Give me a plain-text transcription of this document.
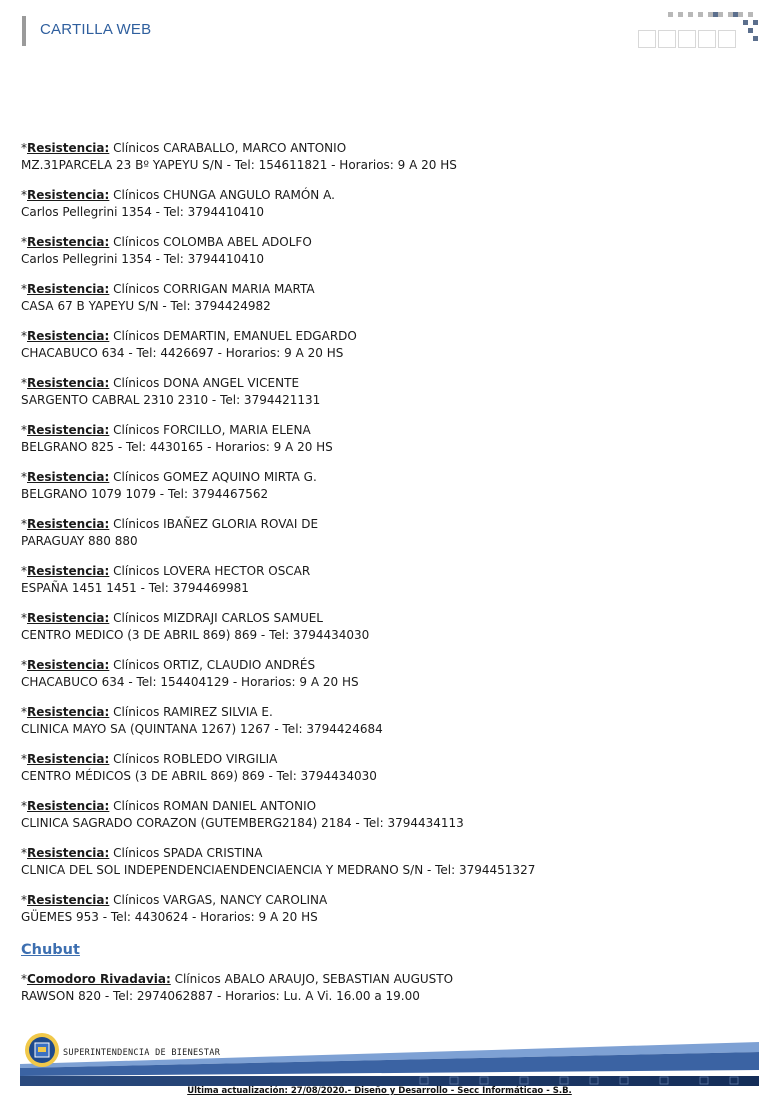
CARTILLA WEB
*Resistencia: Clínicos CARABALLO, MARCO ANTONIO
MZ.31PARCELA 23 Bº YAPEYU S/N - Tel: 154611821 - Horarios: 9 A 20 HS
*Resistencia: Clínicos CHUNGA ANGULO RAMÓN A.
Carlos Pellegrini 1354 - Tel: 3794410410
*Resistencia: Clínicos COLOMBA ABEL ADOLFO
Carlos Pellegrini 1354 - Tel: 3794410410
*Resistencia: Clínicos CORRIGAN MARIA MARTA
CASA 67 B YAPEYU S/N - Tel: 3794424982
*Resistencia: Clínicos DEMARTIN, EMANUEL EDGARDO
CHACABUCO 634 - Tel: 4426697 - Horarios: 9 A 20 HS
*Resistencia: Clínicos DONA ANGEL VICENTE
SARGENTO CABRAL 2310 2310 - Tel: 3794421131
*Resistencia: Clínicos FORCILLO, MARIA ELENA
BELGRANO 825 - Tel: 4430165 - Horarios: 9 A 20 HS
*Resistencia: Clínicos GOMEZ AQUINO MIRTA G.
BELGRANO 1079 1079 - Tel: 3794467562
*Resistencia: Clínicos IBAÑEZ GLORIA ROVAI DE
PARAGUAY 880 880
*Resistencia: Clínicos LOVERA HECTOR OSCAR
ESPAÑA 1451 1451 - Tel: 3794469981
*Resistencia: Clínicos MIZDRAJI CARLOS SAMUEL
CENTRO MEDICO (3 DE ABRIL 869) 869 - Tel: 3794434030
*Resistencia: Clínicos ORTIZ, CLAUDIO ANDRÉS
CHACABUCO 634 - Tel: 154404129 - Horarios: 9 A 20 HS
*Resistencia: Clínicos RAMIREZ SILVIA E.
CLINICA MAYO SA (QUINTANA 1267) 1267 - Tel: 3794424684
*Resistencia: Clínicos ROBLEDO VIRGILIA
CENTRO MÉDICOS (3 DE ABRIL 869) 869 - Tel: 3794434030
*Resistencia: Clínicos ROMAN DANIEL ANTONIO
CLINICA SAGRADO CORAZON (GUTEMBERG2184) 2184 - Tel: 3794434113
*Resistencia: Clínicos SPADA CRISTINA
CLNICA DEL SOL INDEPENDENCIAENDENCIAENCIA Y MEDRANO S/N - Tel: 3794451327
*Resistencia: Clínicos VARGAS, NANCY CAROLINA
GÜEMES 953 - Tel: 4430624 - Horarios: 9 A 20 HS
Chubut
*Comodoro Rivadavia: Clínicos ABALO ARAUJO, SEBASTIAN AUGUSTO
RAWSON 820 - Tel: 2974062887 - Horarios: Lu. A Vi. 16.00 a 19.00
SUPERINTENDENCIA DE BIENESTAR
Ultima actualización: 27/08/2020.- Diseño y Desarrollo - Secc Informáticao - S.B.
